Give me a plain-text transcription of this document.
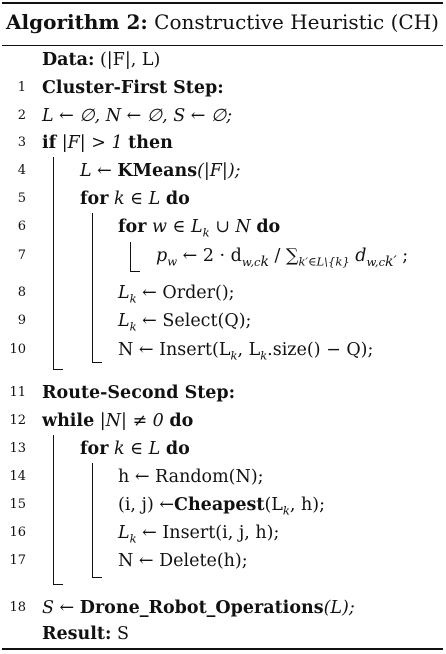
Algorithm 2: Constructive Heuristic (CH)
Data: (|F|, L)
1 Cluster-First Step:
2 L ← ∅, N ← ∅, S ← ∅;
3 if |F| > 1 then
4	L ← KMeans(|F|);
5	for k ∈ L do
6	for w ∈ $L_k$ ∪ N do
7	$p_w$ ← $2 \cdot d_{w,ck} / \sum_{k'\in L\backslash\{k\}}$ $d_{w,ck'}$ ;
8	$L_k$ ← Order();
9	$L_k$ ← Select(Q);
10	N ← $Insert(L_k$, $L_k.size() - Q$);
11 Route-Second Step:
12 while |N| ≠ 0 do
13	for k ∈ L do
14	h ← Random(N);
15	(i, j) $\leftarrow Cheapest(L_k$, h);
16	$L_k$ ← Insert(i, j, h);
17	N ← Delete(h);
18 S ← Drone_Robot_Operations(L);
Result: S
